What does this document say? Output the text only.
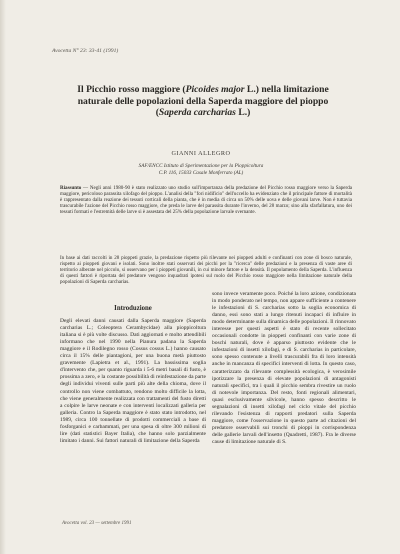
Avocetta N° 23: 33-41 (1991)
Il Picchio rosso maggiore (Picoides major L.) nella limitazione naturale delle popolazioni della Saperda maggiore del pioppo (Saperda carcharias L.)
GIANNI ALLEGRO
SAF/ENCC Istituto di Sperimentazione per la Pioppicoltura
C.P. 116, 15033 Casale Monferrato (AL)

Riassunto — Negli anni 1980-90 è stato realizzato uno studio sull'importanza della predazione del Picchio rosso maggiore verso la Saperda maggiore, pericoloso parassita xilofago del pioppo. L'analisi della "fori nidificio" dell'uccello ha evidenziato che il principale fattore di mortalità è rappresentato dalla reazione dei tessuti corticali della pianta, che è in media di circa un 50% delle uova e delle giovani larve. Non è tuttavia trascurabile l'azione del Picchio rosso maggiore, che preda le larve del parassita durante l'inverno, del 28 marzo; sino alla sfarfallatura, uno dei tessuti formati e l'estremità delle larve si è assestata del 25% della popolazione larvale svernante.

In base ai dati raccolti in 28 pioppeti grazie, la predazione rispetto più rilevante nei pioppeti adulti e confinanti con zone di bosco naturale, rispetto ai pioppeti giovani e isolati. Sono inoltre stati osservati dei picchi per la "ricerca" delle predazioni e la presenza di vaste aree di territorio alberate nel piccolo, si osservano per i pioppeti giovanili, in cui minore fattore e la densità. Il popolamento della Saperda. L'influenza di questi fattori è riportata del predatore vengono inquadrati ipotesi sul ruolo del Picchio rosso maggiore nella limitazione naturale della popolazioni di Saperda carcharias.

Introduzione

Degli elevati danni causati dalla Saperda maggiore (Saperda carcharias L.; Coleoptera Cerambycidae) alla pioppicoltura italiana si è più volte discusso. Dati aggiornati e molto attendibili informano che nel 1990 nella Pianura padana la Saperda maggiore e il Rodilegno rosso (Cossus cossus L.) hanno causato circa il 15% delle piantagioni, per una buona metà piuttosto gravemente (Lapietra et al., 1991). La bassissima soglia d'intervento che, per quanto riguarda i 5-6 metri basali di fusto, è prossima a zero, e la costante possibilità di reinfestazione da parte degli individui viventi sulle parti più alte della chioma, dove il controllo non viene combattuto, rendono molto difficile la lotta, che viene generalmente realizzata con trattamenti del fusto diretti a colpire le larve neonate e con interventi localizzati galleria per galleria. Contro la Saperda maggiore è stato stato introdotto, nel 1989, circa 100 tonnellate di prodotti commerciali a base di fosforganici e carbammati, per una spesa di oltre 300 milioni di lire (dati statistici Bayer Italia), che hanno solo parzialmente limitato i danni. Sui fattori naturali di limitazione della Saperda

sono invece veramente poco. Poiché la loro azione, condizionata in modo ponderato nel tempo, non appare sufficiente a contenere le infestazioni di S. carcharias sotto la soglia economica di danno, essi sono stati a lungo ritenuti incapaci di influire in modo determinante sulla dinamica delle popolazioni. Il rinnovato interesse per questi aspetti è stato di recente sollecitato occasionali condotte in pioppeti confinanti con varie zone di boschi naturali, dove è apparso piuttosto evidente che le infestazioni di insetti xilofagi, e di S. carcharias in particolare, sono spesso contenute a livelli trascurabili fra di loro intensità anche in mancanza di specifici interventi di lotta. In questo caso, caratterizzato da rilevante complessità ecologica, è verosimile ipotizzare la presenza di elevate popolazioni di antagonisti naturali specifici, tra i quali il picchio sembra rivestire un ruolo di notevole importanza. Del resto, fonti regionali alimentari, quasi esclusivamente silvicole, hanno spesso descritto le segnalazioni di insetti xilofagi nel ciclo vitale del picchio rilevando l'esistenza di rapporti predatori sulla Saperda maggiore, come l'osservazione in questo parte ad citazioni del predatore osservabili sui tronchi di pioppi in corrispondenza delle gallerie larvali dell'insetto (Quadretti, 1987). Fra le diverse cause di limitazione naturale di S.

Avocetta vol. 23 — settembre 1991
